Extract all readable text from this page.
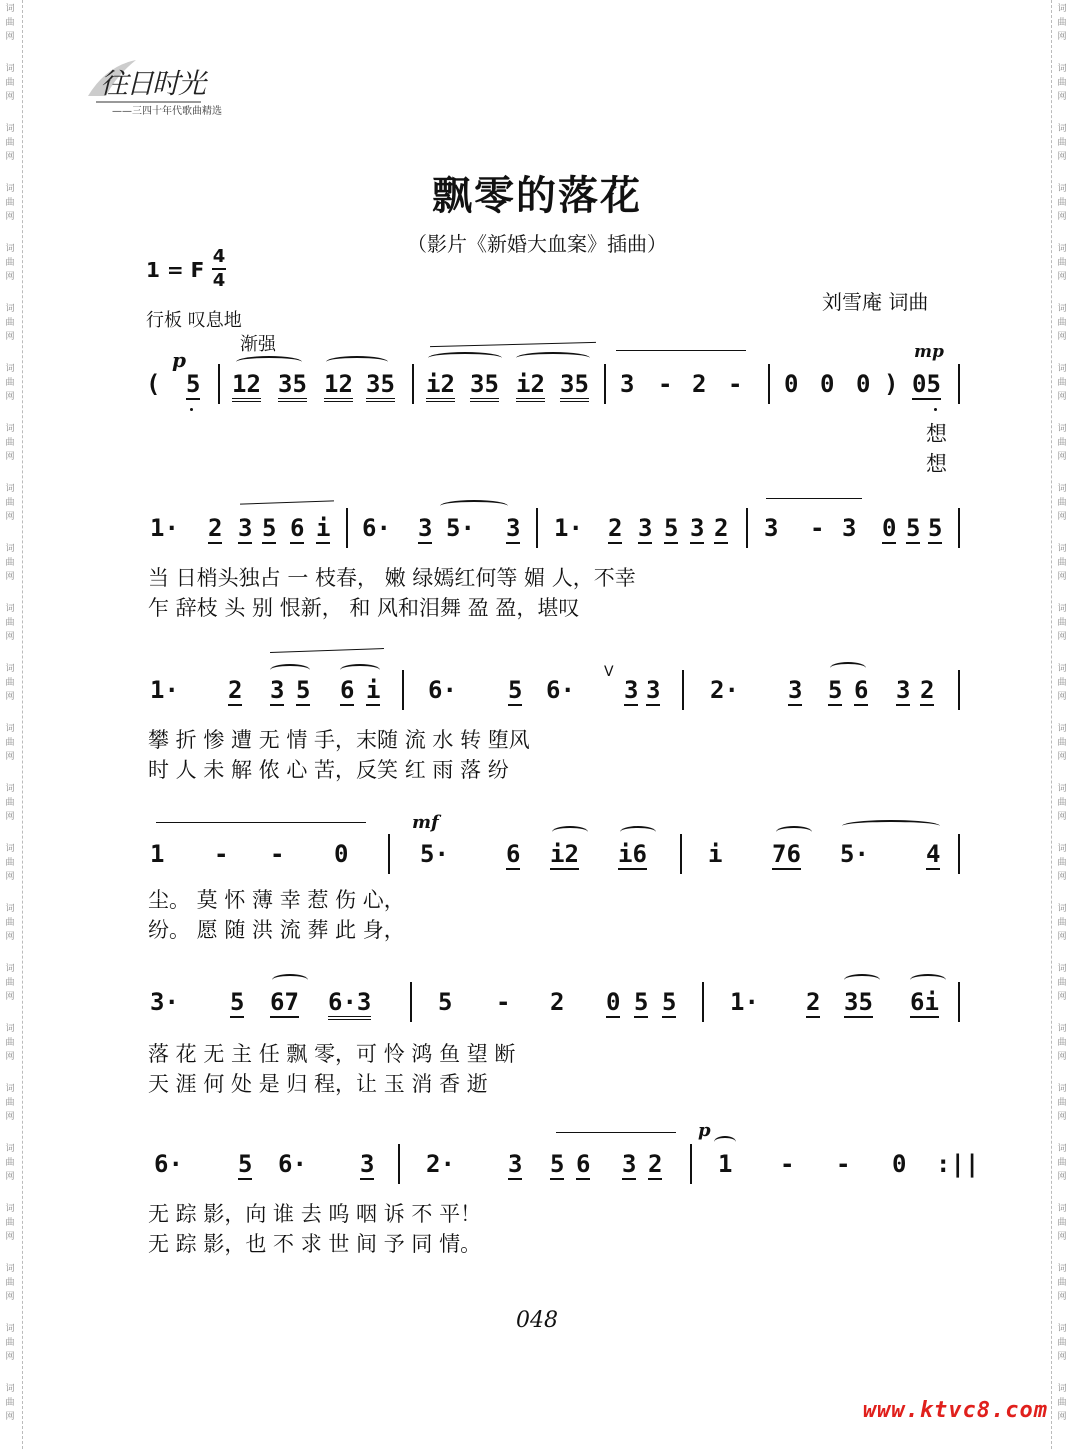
词
曲
网
词
曲
网
词
曲
网
词
曲
网
词
曲
网
词
曲
网
词
曲
网
词
曲
网
词
曲
网
词
曲
网
词
曲
网
词
曲
网
词
曲
网
词
曲
网
词
曲
网
词
曲
网
词
曲
网
词
曲
网
词
曲
网
词
曲
网
词
曲
网
词
曲
网
词
曲
网
词
曲
网
词
曲
网
词
曲
网
词
曲
网
词
曲
网
词
曲
网
词
曲
网
词
曲
网
词
曲
网
词
曲
网
词
曲
网
词
曲
网
词
曲
网
词
曲
网
词
曲
网
词
曲
网
词
曲
网
词
曲
网
词
曲
网
词
曲
网
词
曲
网
词
曲
网
词
曲
网
词
曲
网
词
曲
网
往日时光
——三四十年代歌曲精选
飘零的落花
（影片《新婚大血案》插曲）
1 = F
4

4
刘雪庵 词曲
行板 叹息地
p
渐强	mp
mf
p
( 5 12 35 12 35 i2 35 i2 35 3 - 2 - 0 0 0 ) 05
想
想
1· 2 3 5 6 i 6· 3 5· 3 1· 2 3 5 3 2 3 - 3 0 5 5
当 日梢头独占 一 枝春， 嫩 绿嫣红何等 媚 人，不幸
乍 辞枝 头 别 恨新， 和 风和泪舞 盈 盈，堪叹
1· 2 3 5 6 i 6· 5 6· 3 3 2· 3 5 6 3 2
攀 折 惨 遭 无 情 手，末随 流 水 转 堕风
时 人 未 解 侬 心 苦，反笑 红 雨 落 纷
V
1 - - 0	5· 6 i2 i6	i 76 5· 4
尘。 莫 怀 薄 幸 惹 伤 心，
纷。 愿 随 洪 流 葬 此 身，
3· 5 67 6·3	5 - 2 0 5 5 1· 2 35 6i
落 花 无 主 任 飘 零，可 怜 鸿 鱼 望 断
天 涯 何 处 是 归 程，让 玉 消 香 逝
6· 5 6· 3 2· 3 5 6 3 2 1 - - 0 :||
无 踪 影，向 谁 去 呜 咽 诉 不 平！
无 踪 影，也 不 求 世 间 予 同 情。
048
www.ktvc8.com
